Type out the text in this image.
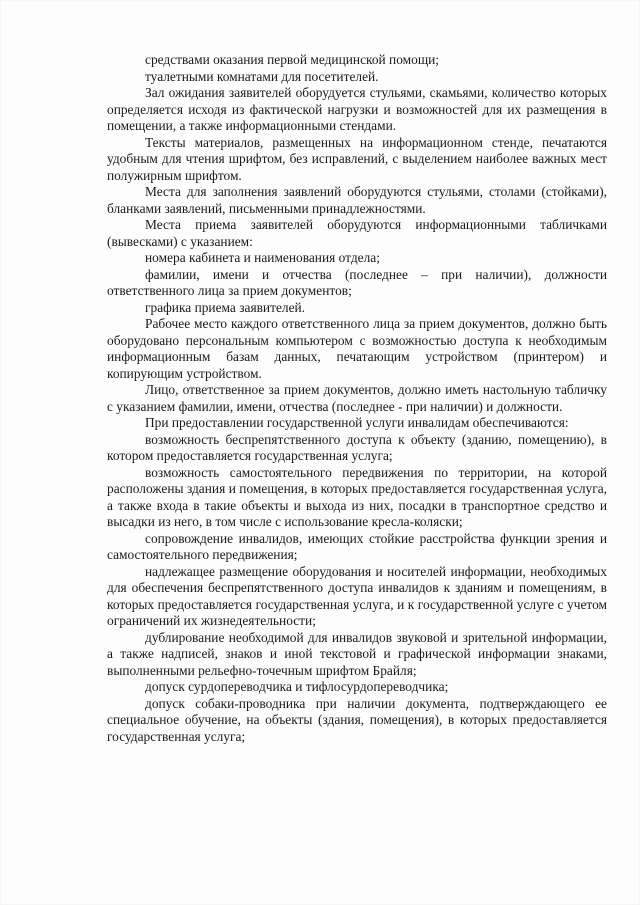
средствами оказания первой медицинской помощи;

туалетными комнатами для посетителей.

Зал ожидания заявителей оборудуется стульями, скамьями, количество которых определяется исходя из фактической нагрузки и возможностей для их размещения в помещении, а также информационными стендами.

Тексты материалов, размещенных на информационном стенде, печатаются удобным для чтения шрифтом, без исправлений, с выделением наиболее важных мест полужирным шрифтом.

Места для заполнения заявлений оборудуются стульями, столами (стойками), бланками заявлений, письменными принадлежностями.

Места приема заявителей оборудуются информационными табличками (вывесками) с указанием:

номера кабинета и наименования отдела;

фамилии, имени и отчества (последнее – при наличии), должности ответственного лица за прием документов;

графика приема заявителей.

Рабочее место каждого ответственного лица за прием документов, должно быть оборудовано персональным компьютером с возможностью доступа к необходимым информационным базам данных, печатающим устройством (принтером) и копирующим устройством.

Лицо, ответственное за прием документов, должно иметь настольную табличку с указанием фамилии, имени, отчества (последнее - при наличии) и должности.

При предоставлении государственной услуги инвалидам обеспечиваются:

возможность беспрепятственного доступа к объекту (зданию, помещению), в котором предоставляется государственная услуга;

возможность самостоятельного передвижения по территории, на которой расположены здания и помещения, в которых предоставляется государственная услуга, а также входа в такие объекты и выхода из них, посадки в транспортное средство и высадки из него, в том числе с использование кресла-коляски;

сопровождение инвалидов, имеющих стойкие расстройства функции зрения и самостоятельного передвижения;

надлежащее размещение оборудования и носителей информации, необходимых для обеспечения беспрепятственного доступа инвалидов к зданиям и помещениям, в которых предоставляется государственная услуга, и к государственной услуге с учетом ограничений их жизнедеятельности;

дублирование необходимой для инвалидов звуковой и зрительной информации, а также надписей, знаков и иной текстовой и графической информации знаками, выполненными рельефно-точечным шрифтом Брайля;

допуск сурдопереводчика и тифлосурдопереводчика;

допуск собаки-проводника при наличии документа, подтверждающего ее специальное обучение, на объекты (здания, помещения), в которых предоставляется государственная услуга;
